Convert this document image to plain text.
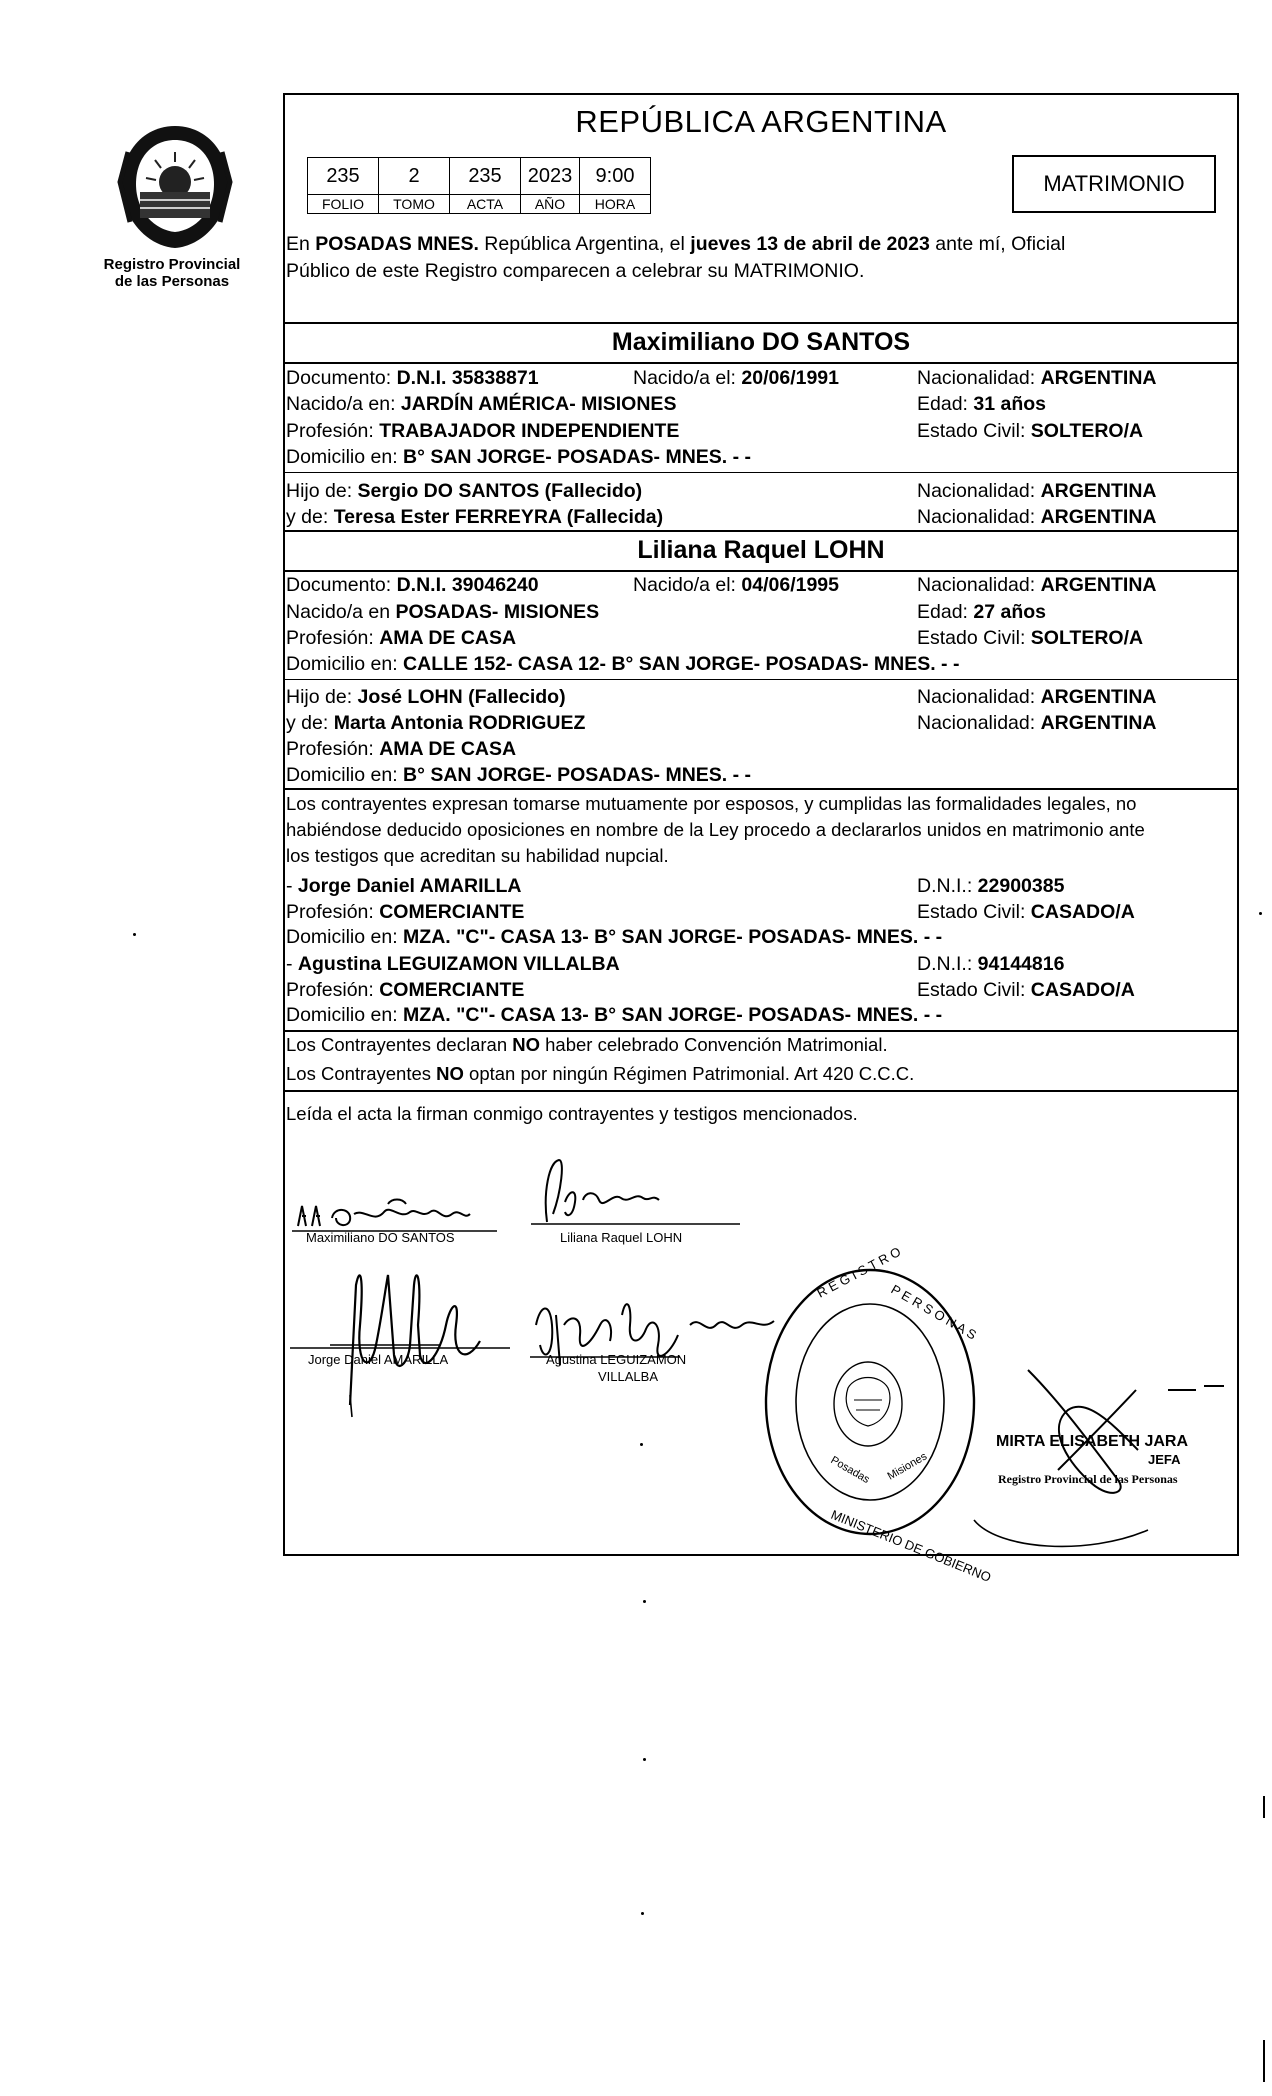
Registro Provincial
de las Personas
REPÚBLICA ARGENTINA
235	2	235	2023	9:00
FOLIO	TOMO	ACTA	AÑO	HORA
MATRIMONIO
En POSADAS MNES. República Argentina, el jueves 13 de abril de 2023 ante mí, Oficial
Público de este Registro comparecen a celebrar su MATRIMONIO.
Maximiliano DO SANTOS
Documento: D.N.I. 35838871	Nacido/a el: 20/06/1991	Nacionalidad: ARGENTINA
Nacido/a en: JARDÍN AMÉRICA- MISIONES	Edad: 31 años
Profesión: TRABAJADOR INDEPENDIENTE	Estado Civil: SOLTERO/A
Domicilio en: B° SAN JORGE- POSADAS- MNES. - -
Hijo de: Sergio DO SANTOS (Fallecido)	Nacionalidad: ARGENTINA
y de: Teresa Ester FERREYRA (Fallecida)	Nacionalidad: ARGENTINA
Liliana Raquel LOHN
Documento: D.N.I. 39046240	Nacido/a el: 04/06/1995	Nacionalidad: ARGENTINA
Nacido/a en POSADAS- MISIONES	Edad: 27 años
Profesión: AMA DE CASA	Estado Civil: SOLTERO/A
Domicilio en: CALLE 152- CASA 12- B° SAN JORGE- POSADAS- MNES. - -
Hijo de: José LOHN (Fallecido)	Nacionalidad: ARGENTINA
y de: Marta Antonia RODRIGUEZ	Nacionalidad: ARGENTINA
Profesión: AMA DE CASA
Domicilio en: B° SAN JORGE- POSADAS- MNES. - -
Los contrayentes expresan tomarse mutuamente por esposos, y cumplidas las formalidades legales, no
habiéndose deducido oposiciones en nombre de la Ley procedo a declararlos unidos en matrimonio ante
los testigos que acreditan su habilidad nupcial.
- Jorge Daniel AMARILLA	D.N.I.: 22900385
Profesión: COMERCIANTE	Estado Civil: CASADO/A
Domicilio en: MZA. "C"- CASA 13- B° SAN JORGE- POSADAS- MNES. - -
- Agustina LEGUIZAMON VILLALBA	D.N.I.: 94144816
Profesión: COMERCIANTE	Estado Civil: CASADO/A
Domicilio en: MZA. "C"- CASA 13- B° SAN JORGE- POSADAS- MNES. - -
Los Contrayentes declaran NO haber celebrado Convención Matrimonial.
Los Contrayentes NO optan por ningún Régimen Patrimonial. Art 420 C.C.C.
Leída el acta la firman conmigo contrayentes y testigos mencionados.
Maximiliano DO SANTOS	Liliana Raquel LOHN
Jorge Daniel AMARILLA	Agustina LEGUIZAMON
VILLALBA
R E G I S T R O
P E R S O N A S
MINISTERIO DE GOBIERNO
Posadas Misiones
MIRTA ELISABETH JARA
JEFA
Registro Provincial de las Personas
